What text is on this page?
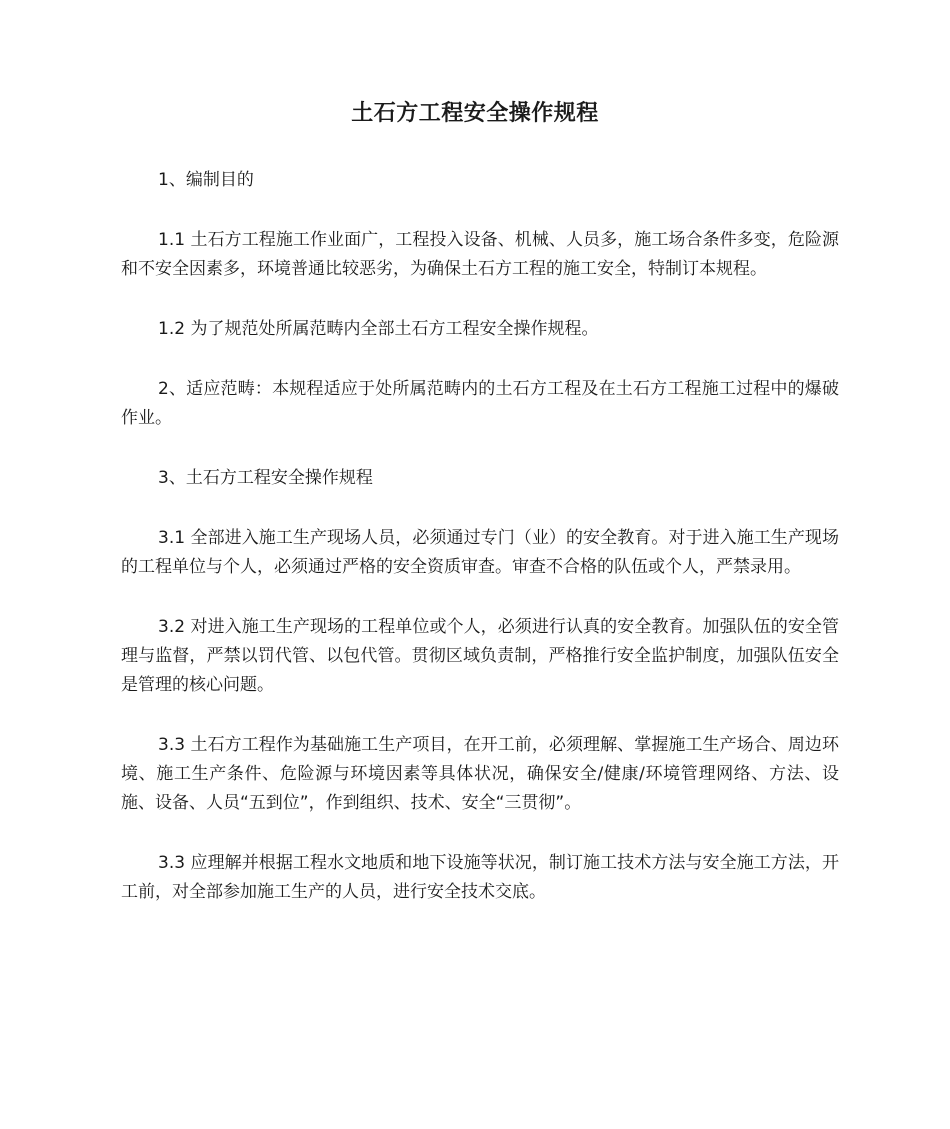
土石方工程安全操作规程

1、编制目的

1.1 土石方工程施工作业面广，工程投入设备、机械、人员多，施工场合条件多变，危险源和不安全因素多，环境普通比较恶劣，为确保土石方工程的施工安全，特制订本规程。

1.2 为了规范处所属范畴内全部土石方工程安全操作规程。

2、适应范畴：本规程适应于处所属范畴内的土石方工程及在土石方工程施工过程中的爆破作业。

3、土石方工程安全操作规程

3.1 全部进入施工生产现场人员，必须通过专门（业）的安全教育。对于进入施工生产现场的工程单位与个人，必须通过严格的安全资质审查。审查不合格的队伍或个人，严禁录用。

3.2 对进入施工生产现场的工程单位或个人，必须进行认真的安全教育。加强队伍的安全管理与监督，严禁以罚代管、以包代管。贯彻区域负责制，严格推行安全监护制度，加强队伍安全是管理的核心问题。

3.3 土石方工程作为基础施工生产项目，在开工前，必须理解、掌握施工生产场合、周边环境、施工生产条件、危险源与环境因素等具体状况，确保安全/健康/环境管理网络、方法、设施、设备、人员“五到位”，作到组织、技术、安全“三贯彻”。

3.3 应理解并根据工程水文地质和地下设施等状况，制订施工技术方法与安全施工方法，开工前，对全部参加施工生产的人员，进行安全技术交底。
